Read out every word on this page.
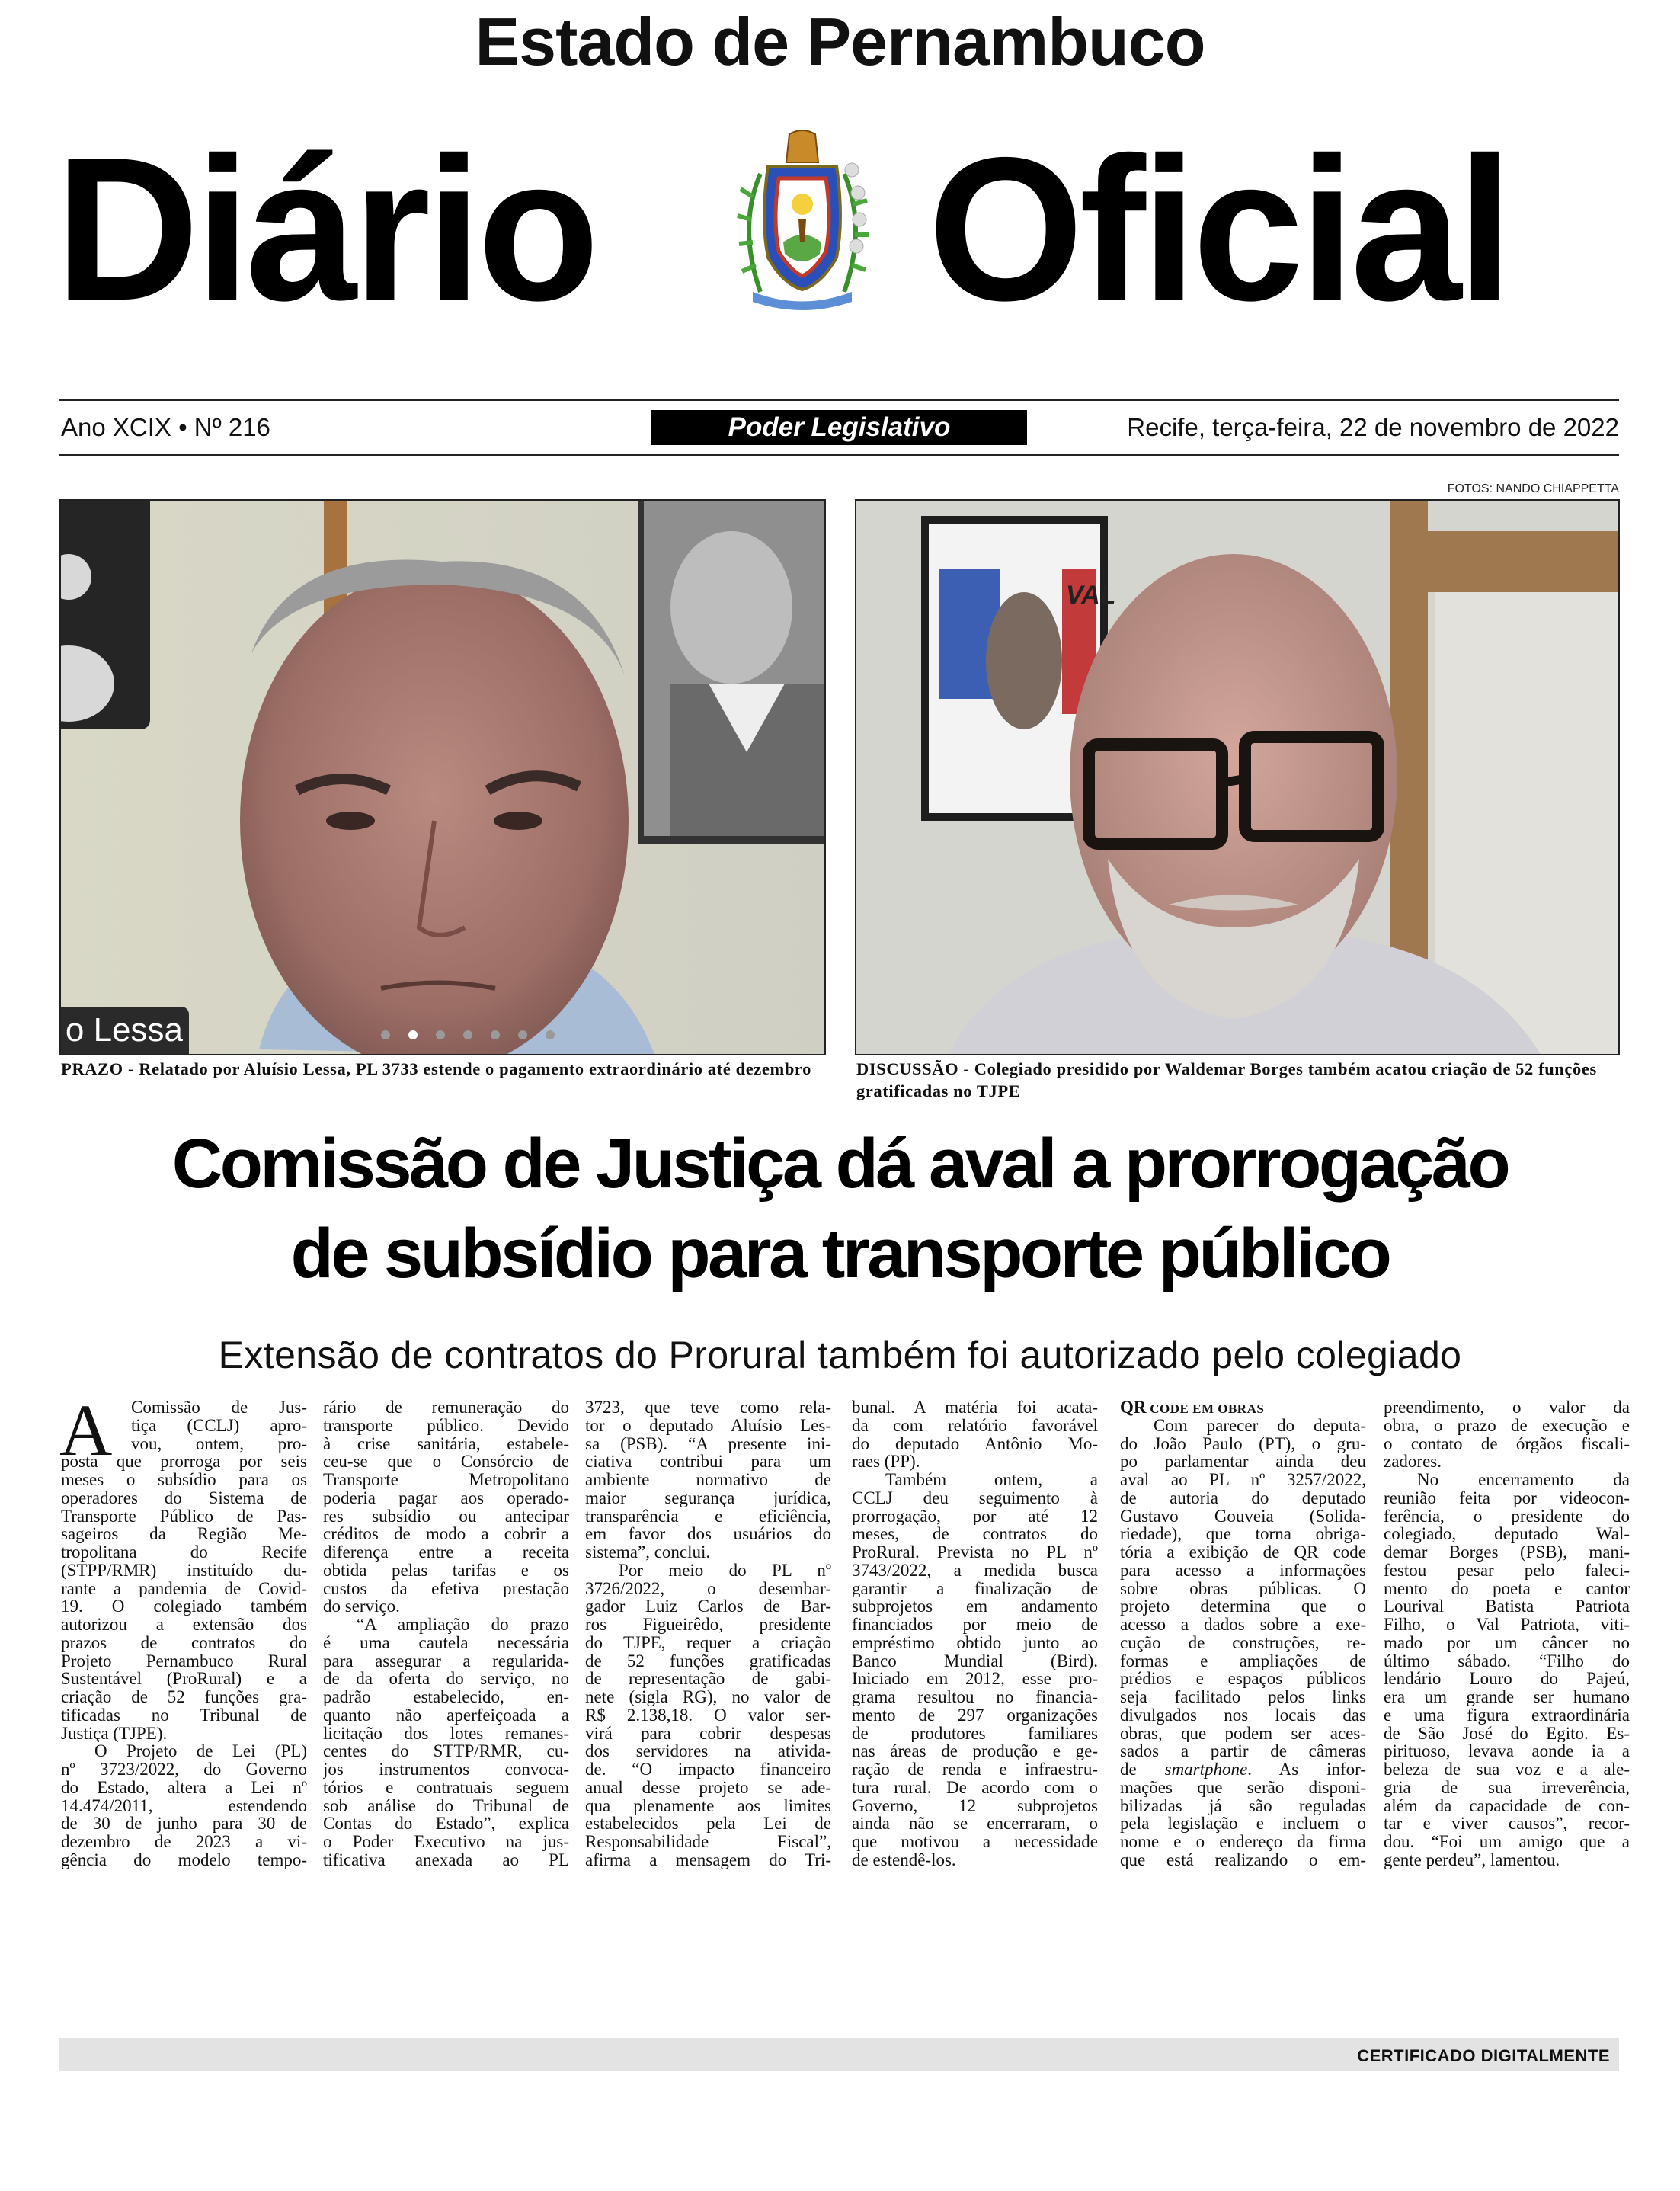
Diário Oficial
Estado de Pernambuco
Ano XCIX • Nº 216	Poder Legislativo	Recife, terça-feira, 22 de novembro de 2022
FOTOS: NANDO CHIAPPETTA
o Lessa
VAL
PRAZO - Relatado por Aluísio Lessa, PL 3733 estende o pagamento extraordinário até dezembro	DISCUSSÃO - Colegiado presidido por Waldemar Borges também acatou criação de 52 funções gratificadas no TJPE
Comissão de Justiça dá aval a prorrogação
de subsídio para transporte público
Extensão de contratos do Prorural também foi autorizado pelo colegiado
Comissão de Jus-
tiça (CCLJ) apro-
vou, ontem, pro-
posta que prorroga por seis
meses o subsídio para os
operadores do Sistema de
Transporte Público de Pas-
sageiros da Região Me-
tropolitana do Recife
(STPP/RMR) instituído du-
rante a pandemia de Covid-
19. O colegiado também
autorizou a extensão dos
prazos de contratos do
Projeto Pernambuco Rural
Sustentável (ProRural) e a
criação de 52 funções gra-
tificadas no Tribunal de
Justiça (TJPE).
O Projeto de Lei (PL)
nº 3723/2022, do Governo
do Estado, altera a Lei nº
14.474/2011, estendendo
de 30 de junho para 30 de
dezembro de 2023 a vi-
gência do modelo tempo-
A	rário de remuneração do
transporte público. Devido
à crise sanitária, estabele-
ceu-se que o Consórcio de
Transporte Metropolitano
poderia pagar aos operado-
res subsídio ou antecipar
créditos de modo a cobrir a
diferença entre a receita
obtida pelas tarifas e os
custos da efetiva prestação
do serviço.
“A ampliação do prazo
é uma cautela necessária
para assegurar a regularida-
de da oferta do serviço, no
padrão estabelecido, en-
quanto não aperfeiçoada a
licitação dos lotes remanes-
centes do STTP/RMR, cu-
jos instrumentos convoca-
tórios e contratuais seguem
sob análise do Tribunal de
Contas do Estado”, explica
o Poder Executivo na jus-
tificativa anexada ao PL
3723, que teve como rela-
tor o deputado Aluísio Les-
sa (PSB). “A presente ini-
ciativa contribui para um
ambiente normativo de
maior segurança jurídica,
transparência e eficiência,
em favor dos usuários do
sistema”, conclui.
Por meio do PL nº
3726/2022, o desembar-
gador Luiz Carlos de Bar-
ros Figueirêdo, presidente
do TJPE, requer a criação
de 52 funções gratificadas
de representação de gabi-
nete (sigla RG), no valor de
R$ 2.138,18. O valor ser-
virá para cobrir despesas
dos servidores na ativida-
de. “O impacto financeiro
anual desse projeto se ade-
qua plenamente aos limites
estabelecidos pela Lei de
Responsabilidade Fiscal”,
afirma a mensagem do Tri-
bunal. A matéria foi acata-
da com relatório favorável
do deputado Antônio Mo-
raes (PP).
Também ontem, a
CCLJ deu seguimento à
prorrogação, por até 12
meses, de contratos do
ProRural. Prevista no PL nº
3743/2022, a medida busca
garantir a finalização de
subprojetos em andamento
financiados por meio de
empréstimo obtido junto ao
Banco Mundial (Bird).
Iniciado em 2012, esse pro-
grama resultou no financia-
mento de 297 organizações
de produtores familiares
nas áreas de produção e ge-
ração de renda e infraestru-
tura rural. De acordo com o
Governo, 12 subprojetos
ainda não se encerraram, o
que motivou a necessidade
de estendê-los.
QR CODE EM OBRAS
Com parecer do deputa-
do João Paulo (PT), o gru-
po parlamentar ainda deu
aval ao PL nº 3257/2022,
de autoria do deputado
Gustavo Gouveia (Solida-
riedade), que torna obriga-
tória a exibição de QR code
para acesso a informações
sobre obras públicas. O
projeto determina que o
acesso a dados sobre a exe-
cução de construções, re-
formas e ampliações de
prédios e espaços públicos
seja facilitado pelos links
divulgados nos locais das
obras, que podem ser aces-
sados a partir de câmeras
de smartphone. As infor-
mações que serão disponi-
bilizadas já são reguladas
pela legislação e incluem o
nome e o endereço da firma
que está realizando o em-
preendimento, o valor da
obra, o prazo de execução e
o contato de órgãos fiscali-
zadores.
No encerramento da
reunião feita por videocon-
ferência, o presidente do
colegiado, deputado Wal-
demar Borges (PSB), mani-
festou pesar pelo faleci-
mento do poeta e cantor
Lourival Batista Patriota
Filho, o Val Patriota, viti-
mado por um câncer no
último sábado. “Filho do
lendário Louro do Pajeú,
era um grande ser humano
e uma figura extraordinária
de São José do Egito. Es-
pirituoso, levava aonde ia a
beleza de sua voz e a ale-
gria de sua irreverência,
além da capacidade de con-
tar e viver causos”, recor-
dou. “Foi um amigo que a
gente perdeu”, lamentou.
CERTIFICADO DIGITALMENTE
